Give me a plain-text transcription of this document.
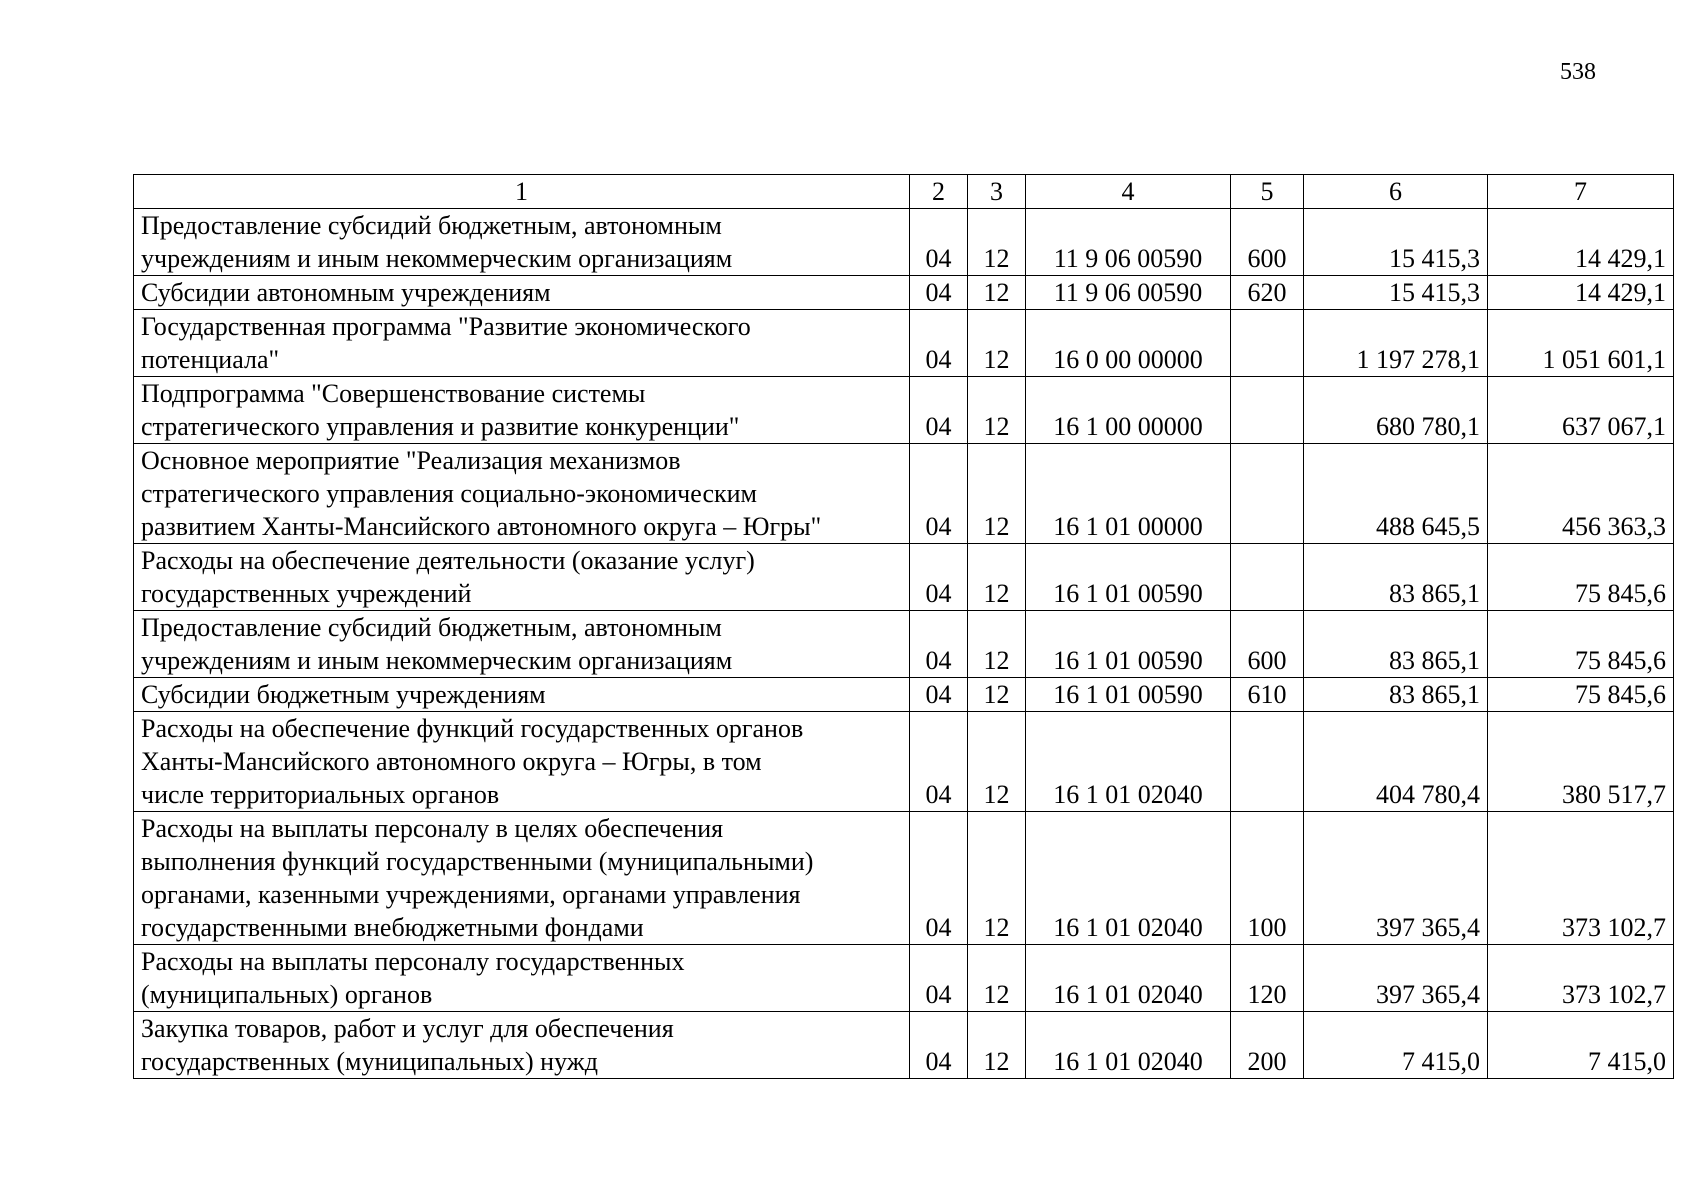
538
1	2	3	4	5	6	7
Предоставление субсидий бюджетным, автономным
учреждениям и иным некоммерческим организациям	04	12	11 9 06 00590	600	15 415,3	14 429,1
Субсидии автономным учреждениям	04	12	11 9 06 00590	620	15 415,3	14 429,1
Государственная программа "Развитие экономического
потенциала"	04	12	16 0 00 00000		1 197 278,1	1 051 601,1
Подпрограмма "Совершенствование системы
стратегического управления и развитие конкуренции"	04	12	16 1 00 00000		680 780,1	637 067,1
Основное мероприятие "Реализация механизмов
стратегического управления социально-экономическим
развитием Ханты-Мансийского автономного округа – Югры"	04	12	16 1 01 00000		488 645,5	456 363,3
Расходы на обеспечение деятельности (оказание услуг)
государственных учреждений	04	12	16 1 01 00590		83 865,1	75 845,6
Предоставление субсидий бюджетным, автономным
учреждениям и иным некоммерческим организациям	04	12	16 1 01 00590	600	83 865,1	75 845,6
Субсидии бюджетным учреждениям	04	12	16 1 01 00590	610	83 865,1	75 845,6
Расходы на обеспечение функций государственных органов
Ханты-Мансийского автономного округа – Югры, в том
числе территориальных органов	04	12	16 1 01 02040		404 780,4	380 517,7
Расходы на выплаты персоналу в целях обеспечения
выполнения функций государственными (муниципальными)
органами, казенными учреждениями, органами управления
государственными внебюджетными фондами	04	12	16 1 01 02040	100	397 365,4	373 102,7
Расходы на выплаты персоналу государственных
(муниципальных) органов	04	12	16 1 01 02040	120	397 365,4	373 102,7
Закупка товаров, работ и услуг для обеспечения
государственных (муниципальных) нужд	04	12	16 1 01 02040	200	7 415,0	7 415,0
